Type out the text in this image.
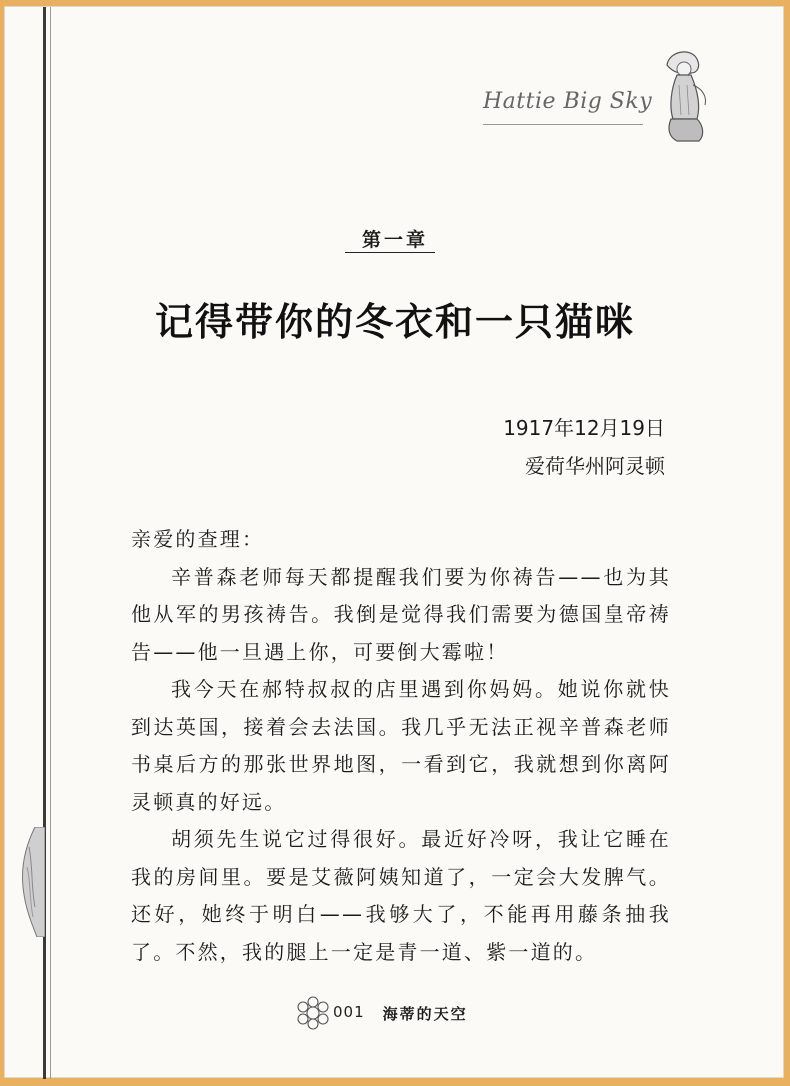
Hattie Big Sky
第一章
记得带你的冬衣和一只猫咪
1917年12月19日
爱荷华州阿灵顿

亲爱的查理：

辛普森老师每天都提醒我们要为你祷告——也为其他从军的男孩祷告。我倒是觉得我们需要为德国皇帝祷告——他一旦遇上你，可要倒大霉啦！

我今天在郝特叔叔的店里遇到你妈妈。她说你就快到达英国，接着会去法国。我几乎无法正视辛普森老师书桌后方的那张世界地图，一看到它，我就想到你离阿灵顿真的好远。

胡须先生说它过得很好。最近好冷呀，我让它睡在我的房间里。要是艾薇阿姨知道了，一定会大发脾气。还好，她终于明白——我够大了，不能再用藤条抽我了。不然，我的腿上一定是青一道、紫一道的。

001 海蒂的天空
